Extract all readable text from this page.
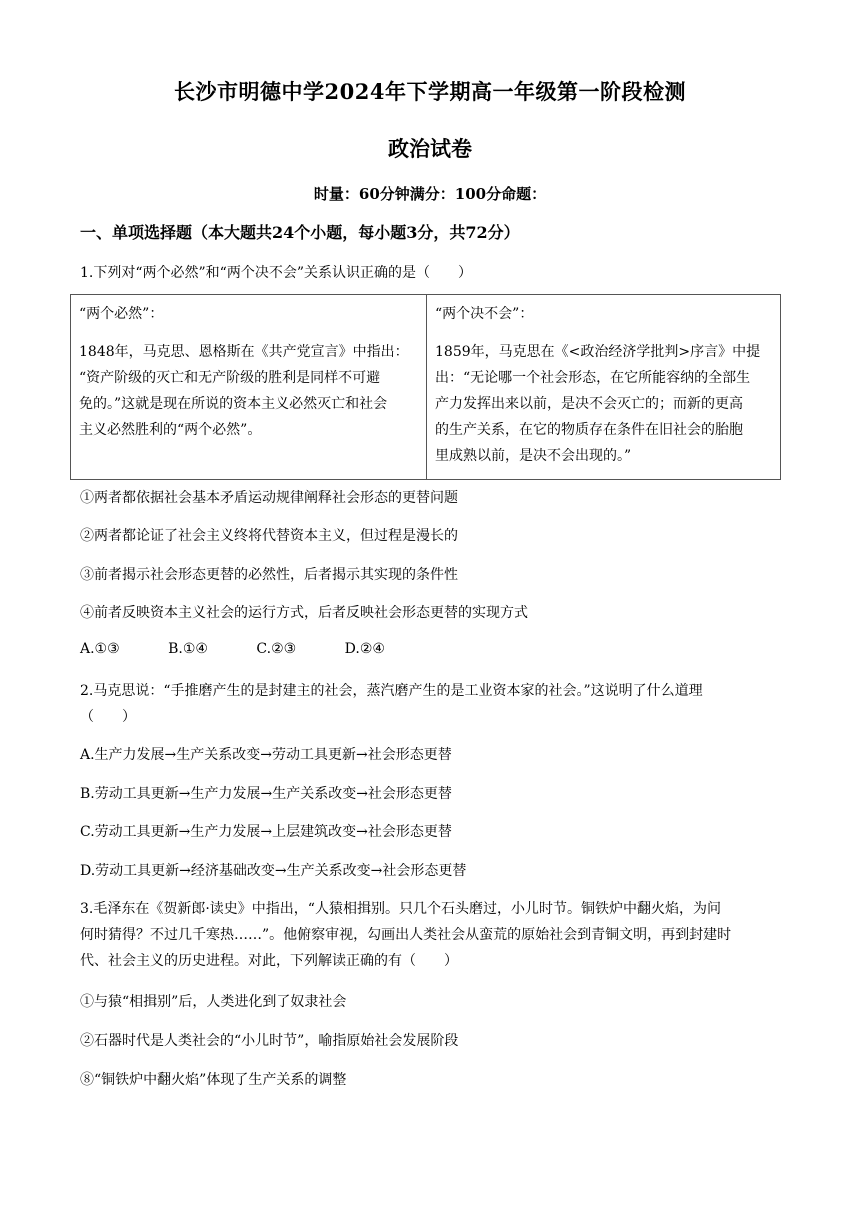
长沙市明德中学2024年下学期高一年级第一阶段检测
政治试卷
时量：60分钟满分：100分命题：
一、单项选择题（本大题共24个小题，每小题3分，共72分）
1.下列对“两个必然”和“两个决不会”关系认识正确的是（　　）
“两个必然”：
1848年，马克思、恩格斯在《共产党宣言》中指出：
“资产阶级的灭亡和无产阶级的胜利是同样不可避
免的。”这就是现在所说的资本主义必然灭亡和社会
主义必然胜利的“两个必然”。

“两个决不会”：
1859年，马克思在《<政治经济学批判>序言》中提
出：“无论哪一个社会形态，在它所能容纳的全部生
产力发挥出来以前，是决不会灭亡的；而新的更高
的生产关系，在它的物质存在条件在旧社会的胎胞
里成熟以前，是决不会出现的。”
①两者都依据社会基本矛盾运动规律阐释社会形态的更替问题
②两者都论证了社会主义终将代替资本主义，但过程是漫长的
③前者揭示社会形态更替的必然性，后者揭示其实现的条件性
④前者反映资本主义社会的运行方式，后者反映社会形态更替的实现方式
A.①③	B.①④	C.②③	D.②④
2.马克思说：“手推磨产生的是封建主的社会，蒸汽磨产生的是工业资本家的社会。”这说明了什么道理
（　　）
A.生产力发展→生产关系改变→劳动工具更新→社会形态更替
B.劳动工具更新→生产力发展→生产关系改变→社会形态更替
C.劳动工具更新→生产力发展→上层建筑改变→社会形态更替
D.劳动工具更新→经济基础改变→生产关系改变→社会形态更替
3.毛泽东在《贺新郎·读史》中指出，“人猿相揖别。只几个石头磨过，小儿时节。铜铁炉中翻火焰，为问
何时猜得？不过几千寒热……”。他俯察审视，勾画出人类社会从蛮荒的原始社会到青铜文明，再到封建时
代、社会主义的历史进程。对此，下列解读正确的有（　　）
①与猿“相揖别”后，人类进化到了奴隶社会
②石器时代是人类社会的“小儿时节”，喻指原始社会发展阶段
⑧“铜铁炉中翻火焰”体现了生产关系的调整
